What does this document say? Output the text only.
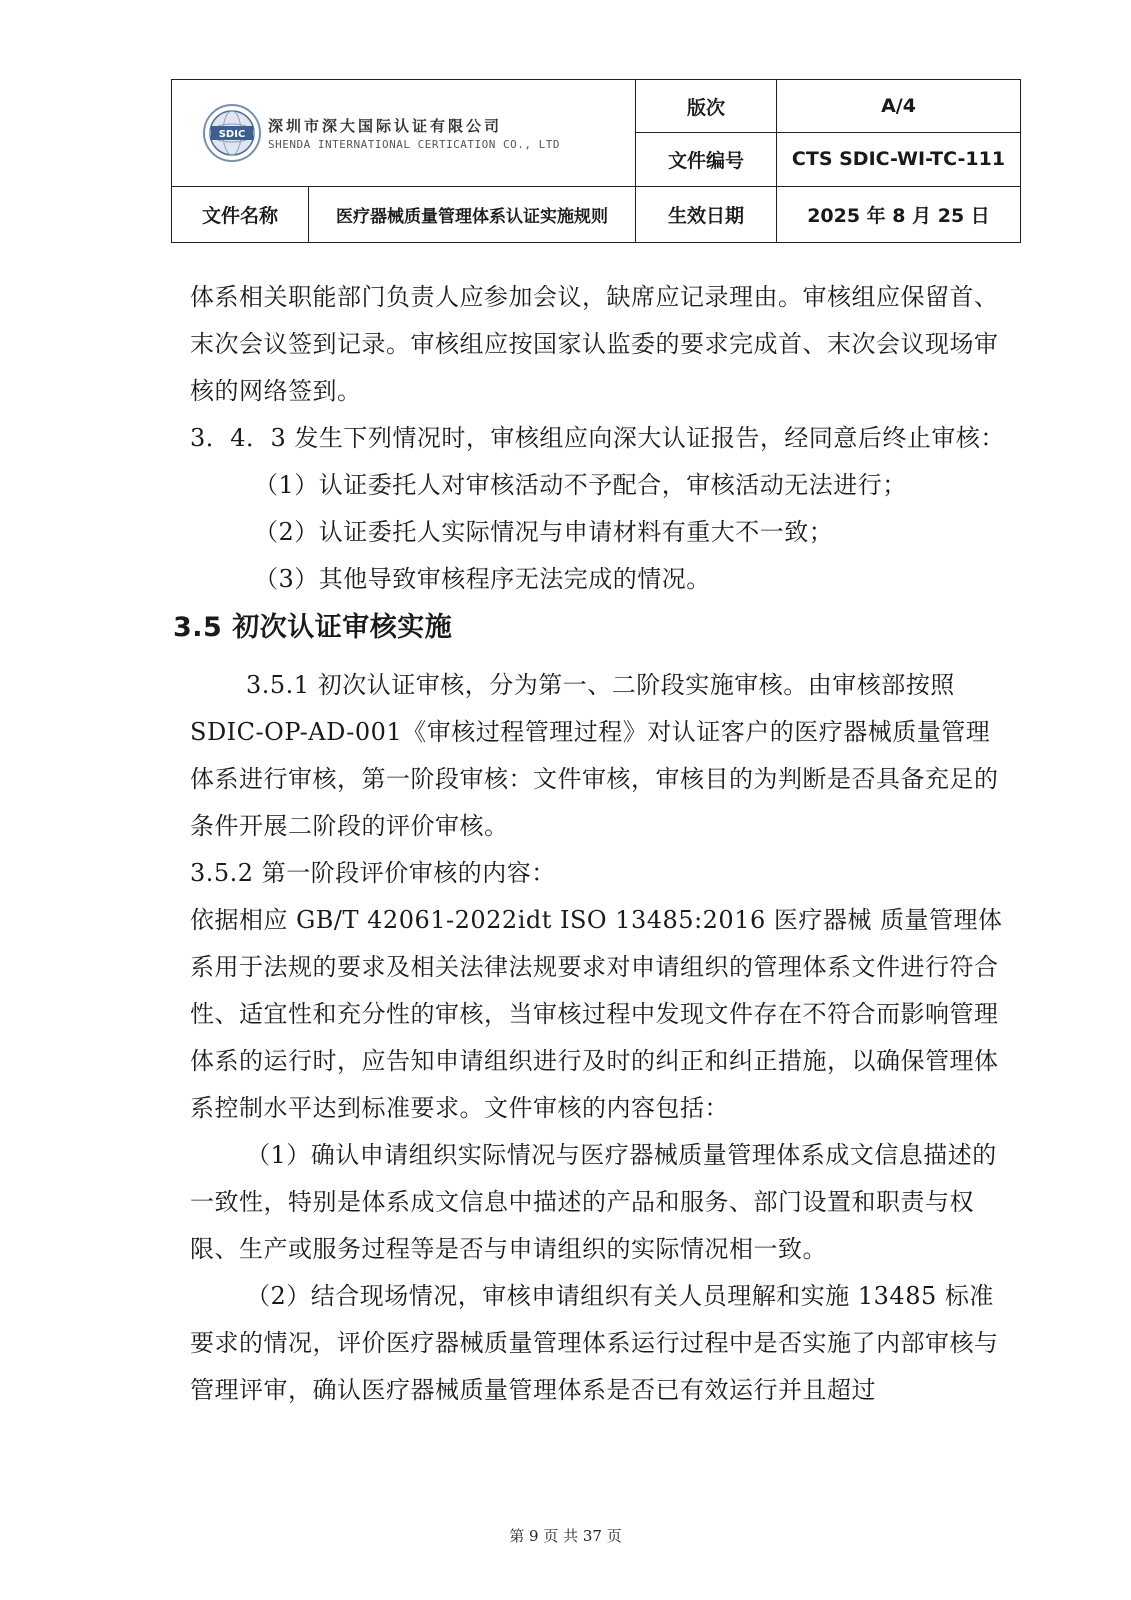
SDIC 深圳市深大国际认证有限公司
SHENDA INTERNATIONAL CERTICATION CO., LTD		版次	A/4
		文件编号	CTS SDIC-WI-TC-111
文件名称	医疗器械质量管理体系认证实施规则	生效日期	2025 年 8 月 25 日

体系相关职能部门负责人应参加会议，缺席应记录理由。审核组应保留首、末次会议签到记录。审核组应按国家认监委的要求完成首、末次会议现场审核的网络签到。

3．4．3 发生下列情况时，审核组应向深大认证报告，经同意后终止审核：

（1）认证委托人对审核活动不予配合，审核活动无法进行；

（2）认证委托人实际情况与申请材料有重大不一致；

（3）其他导致审核程序无法完成的情况。

3.5 初次认证审核实施

3.5.1 初次认证审核，分为第一、二阶段实施审核。由审核部按照 SDIC-OP-AD-001《审核过程管理过程》对认证客户的医疗器械质量管理体系进行审核，第一阶段审核：文件审核，审核目的为判断是否具备充足的条件开展二阶段的评价审核。

3.5.2 第一阶段评价审核的内容：

依据相应 GB/T 42061-2022idt ISO 13485:2016 医疗器械 质量管理体系用于法规的要求及相关法律法规要求对申请组织的管理体系文件进行符合性、适宜性和充分性的审核，当审核过程中发现文件存在不符合而影响管理体系的运行时，应告知申请组织进行及时的纠正和纠正措施，以确保管理体系控制水平达到标准要求。文件审核的内容包括：

（1）确认申请组织实际情况与医疗器械质量管理体系成文信息描述的一致性，特别是体系成文信息中描述的产品和服务、部门设置和职责与权限、生产或服务过程等是否与申请组织的实际情况相一致。

（2）结合现场情况，审核申请组织有关人员理解和实施 13485 标准要求的情况，评价医疗器械质量管理体系运行过程中是否实施了内部审核与管理评审，确认医疗器械质量管理体系是否已有效运行并且超过

第 9 页 共 37 页
